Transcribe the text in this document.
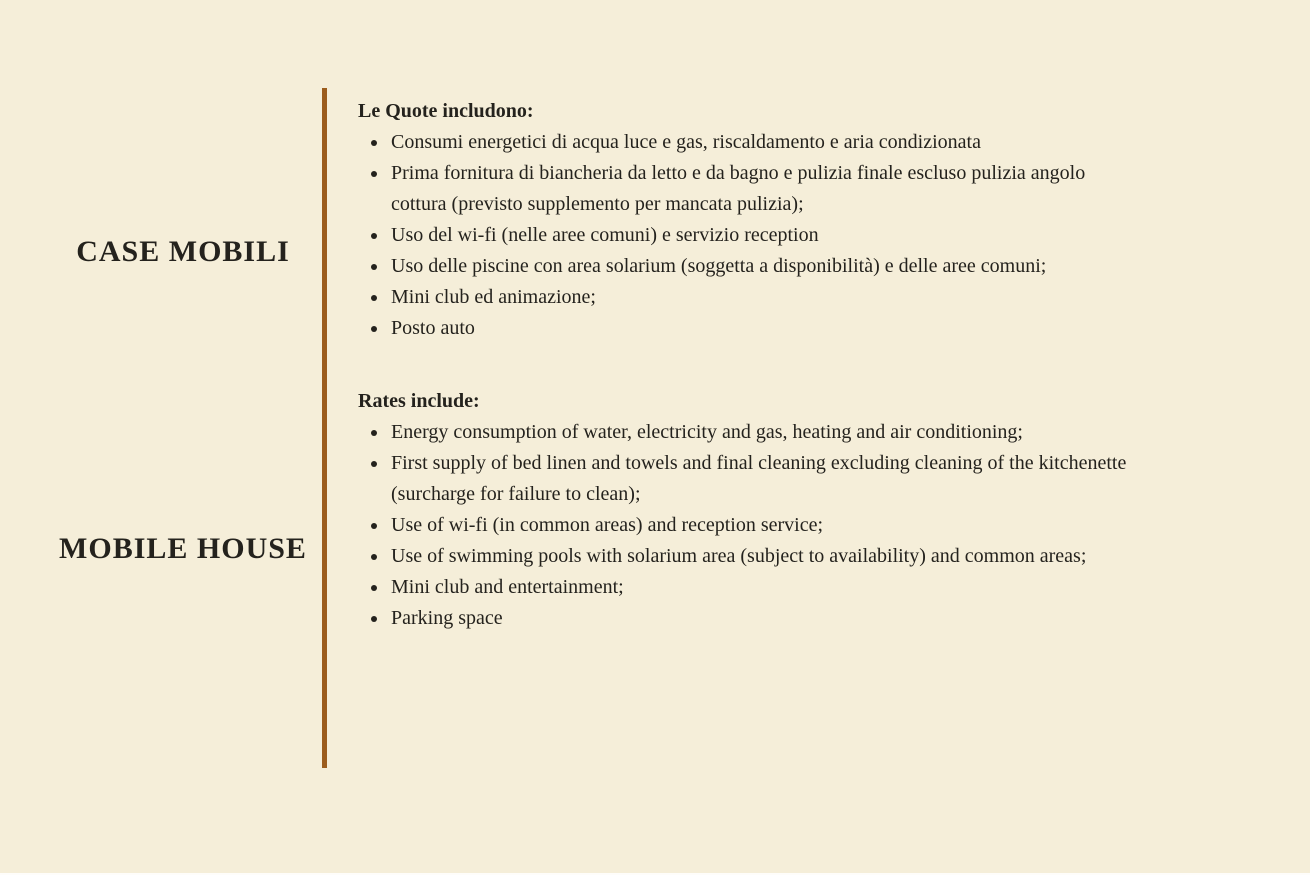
CASE MOBILI
MOBILE HOUSE

Le Quote includono:

Consumi energetici di acqua luce e gas, riscaldamento e aria condizionata
Prima fornitura di biancheria da letto e da bagno e pulizia finale escluso pulizia angolo cottura (previsto supplemento per mancata pulizia);
Uso del wi-fi (nelle aree comuni) e servizio reception
Uso delle piscine con area solarium (soggetta a disponibilità) e delle aree comuni;
Mini club ed animazione;
Posto auto

Rates include:

Energy consumption of water, electricity and gas, heating and air conditioning;
First supply of bed linen and towels and final cleaning excluding cleaning of the kitchenette (surcharge for failure to clean);
Use of wi-fi (in common areas) and reception service;
Use of swimming pools with solarium area (subject to availability) and common areas;
Mini club and entertainment;
Parking space
